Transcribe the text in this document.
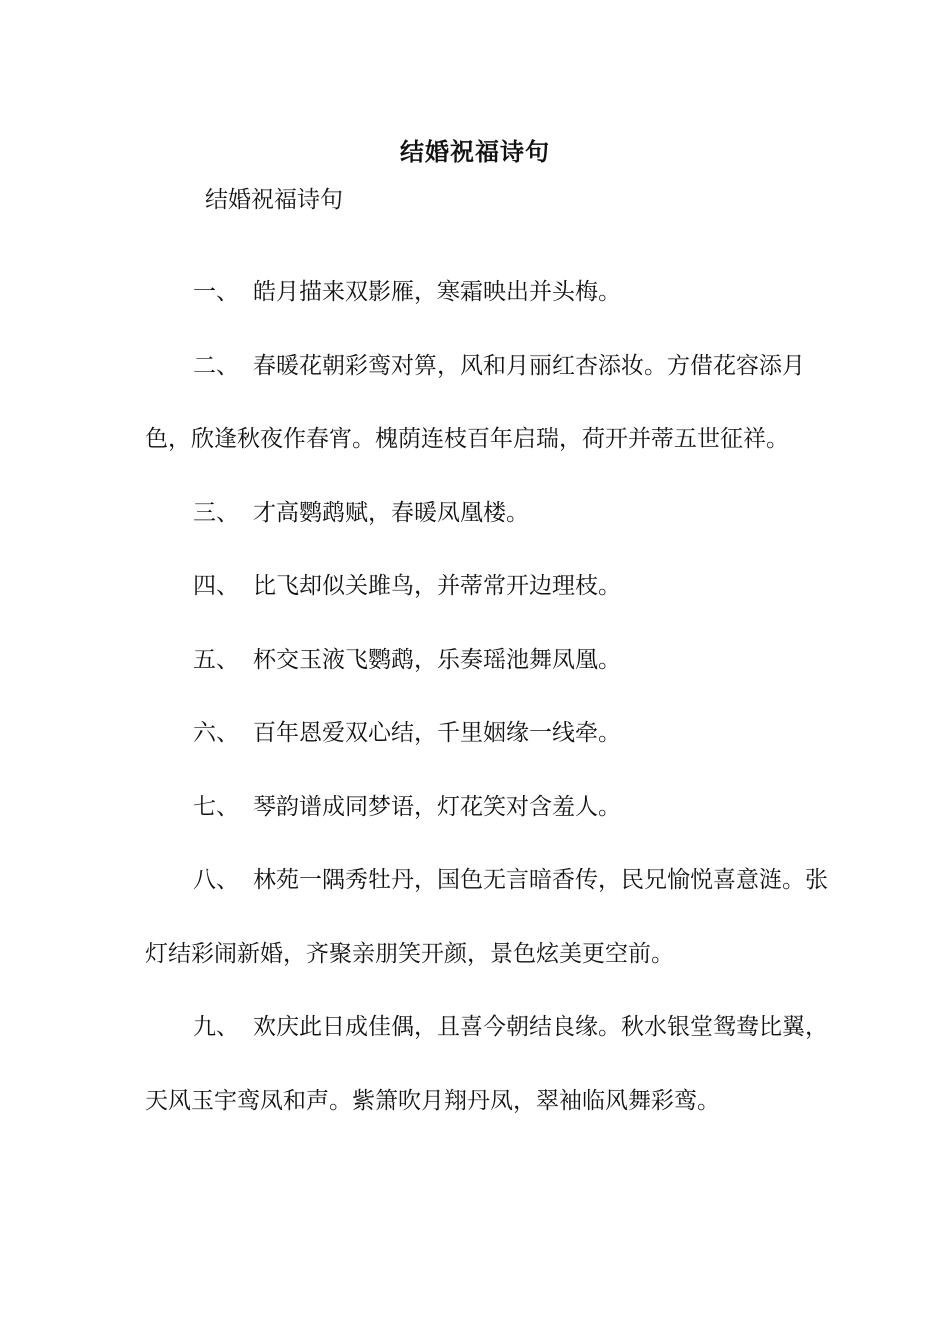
结婚祝福诗句
结婚祝福诗句

一、 皓月描来双影雁，寒霜映出并头梅。

二、 春暖花朝彩鸾对箅，风和月丽红杏添妆。方借花容添月色，欣逢秋夜作春宵。槐荫连枝百年启瑞，荷开并蒂五世征祥。

三、 才高鹦鹉赋，春暖凤凰楼。

四、 比飞却似关雎鸟，并蒂常开边理枝。

五、 杯交玉液飞鹦鹉，乐奏瑶池舞凤凰。

六、 百年恩爱双心结，千里姻缘一线牵。

七、 琴韵谱成同梦语，灯花笑对含羞人。

八、 林苑一隅秀牡丹，国色无言暗香传，民兄愉悦喜意涟。张灯结彩闹新婚，齐聚亲朋笑开颜，景色炫美更空前。

九、 欢庆此日成佳偶，且喜今朝结良缘。秋水银堂鸳鸯比翼，天风玉宇鸾凤和声。紫箫吹月翔丹凤，翠袖临风舞彩鸾。
